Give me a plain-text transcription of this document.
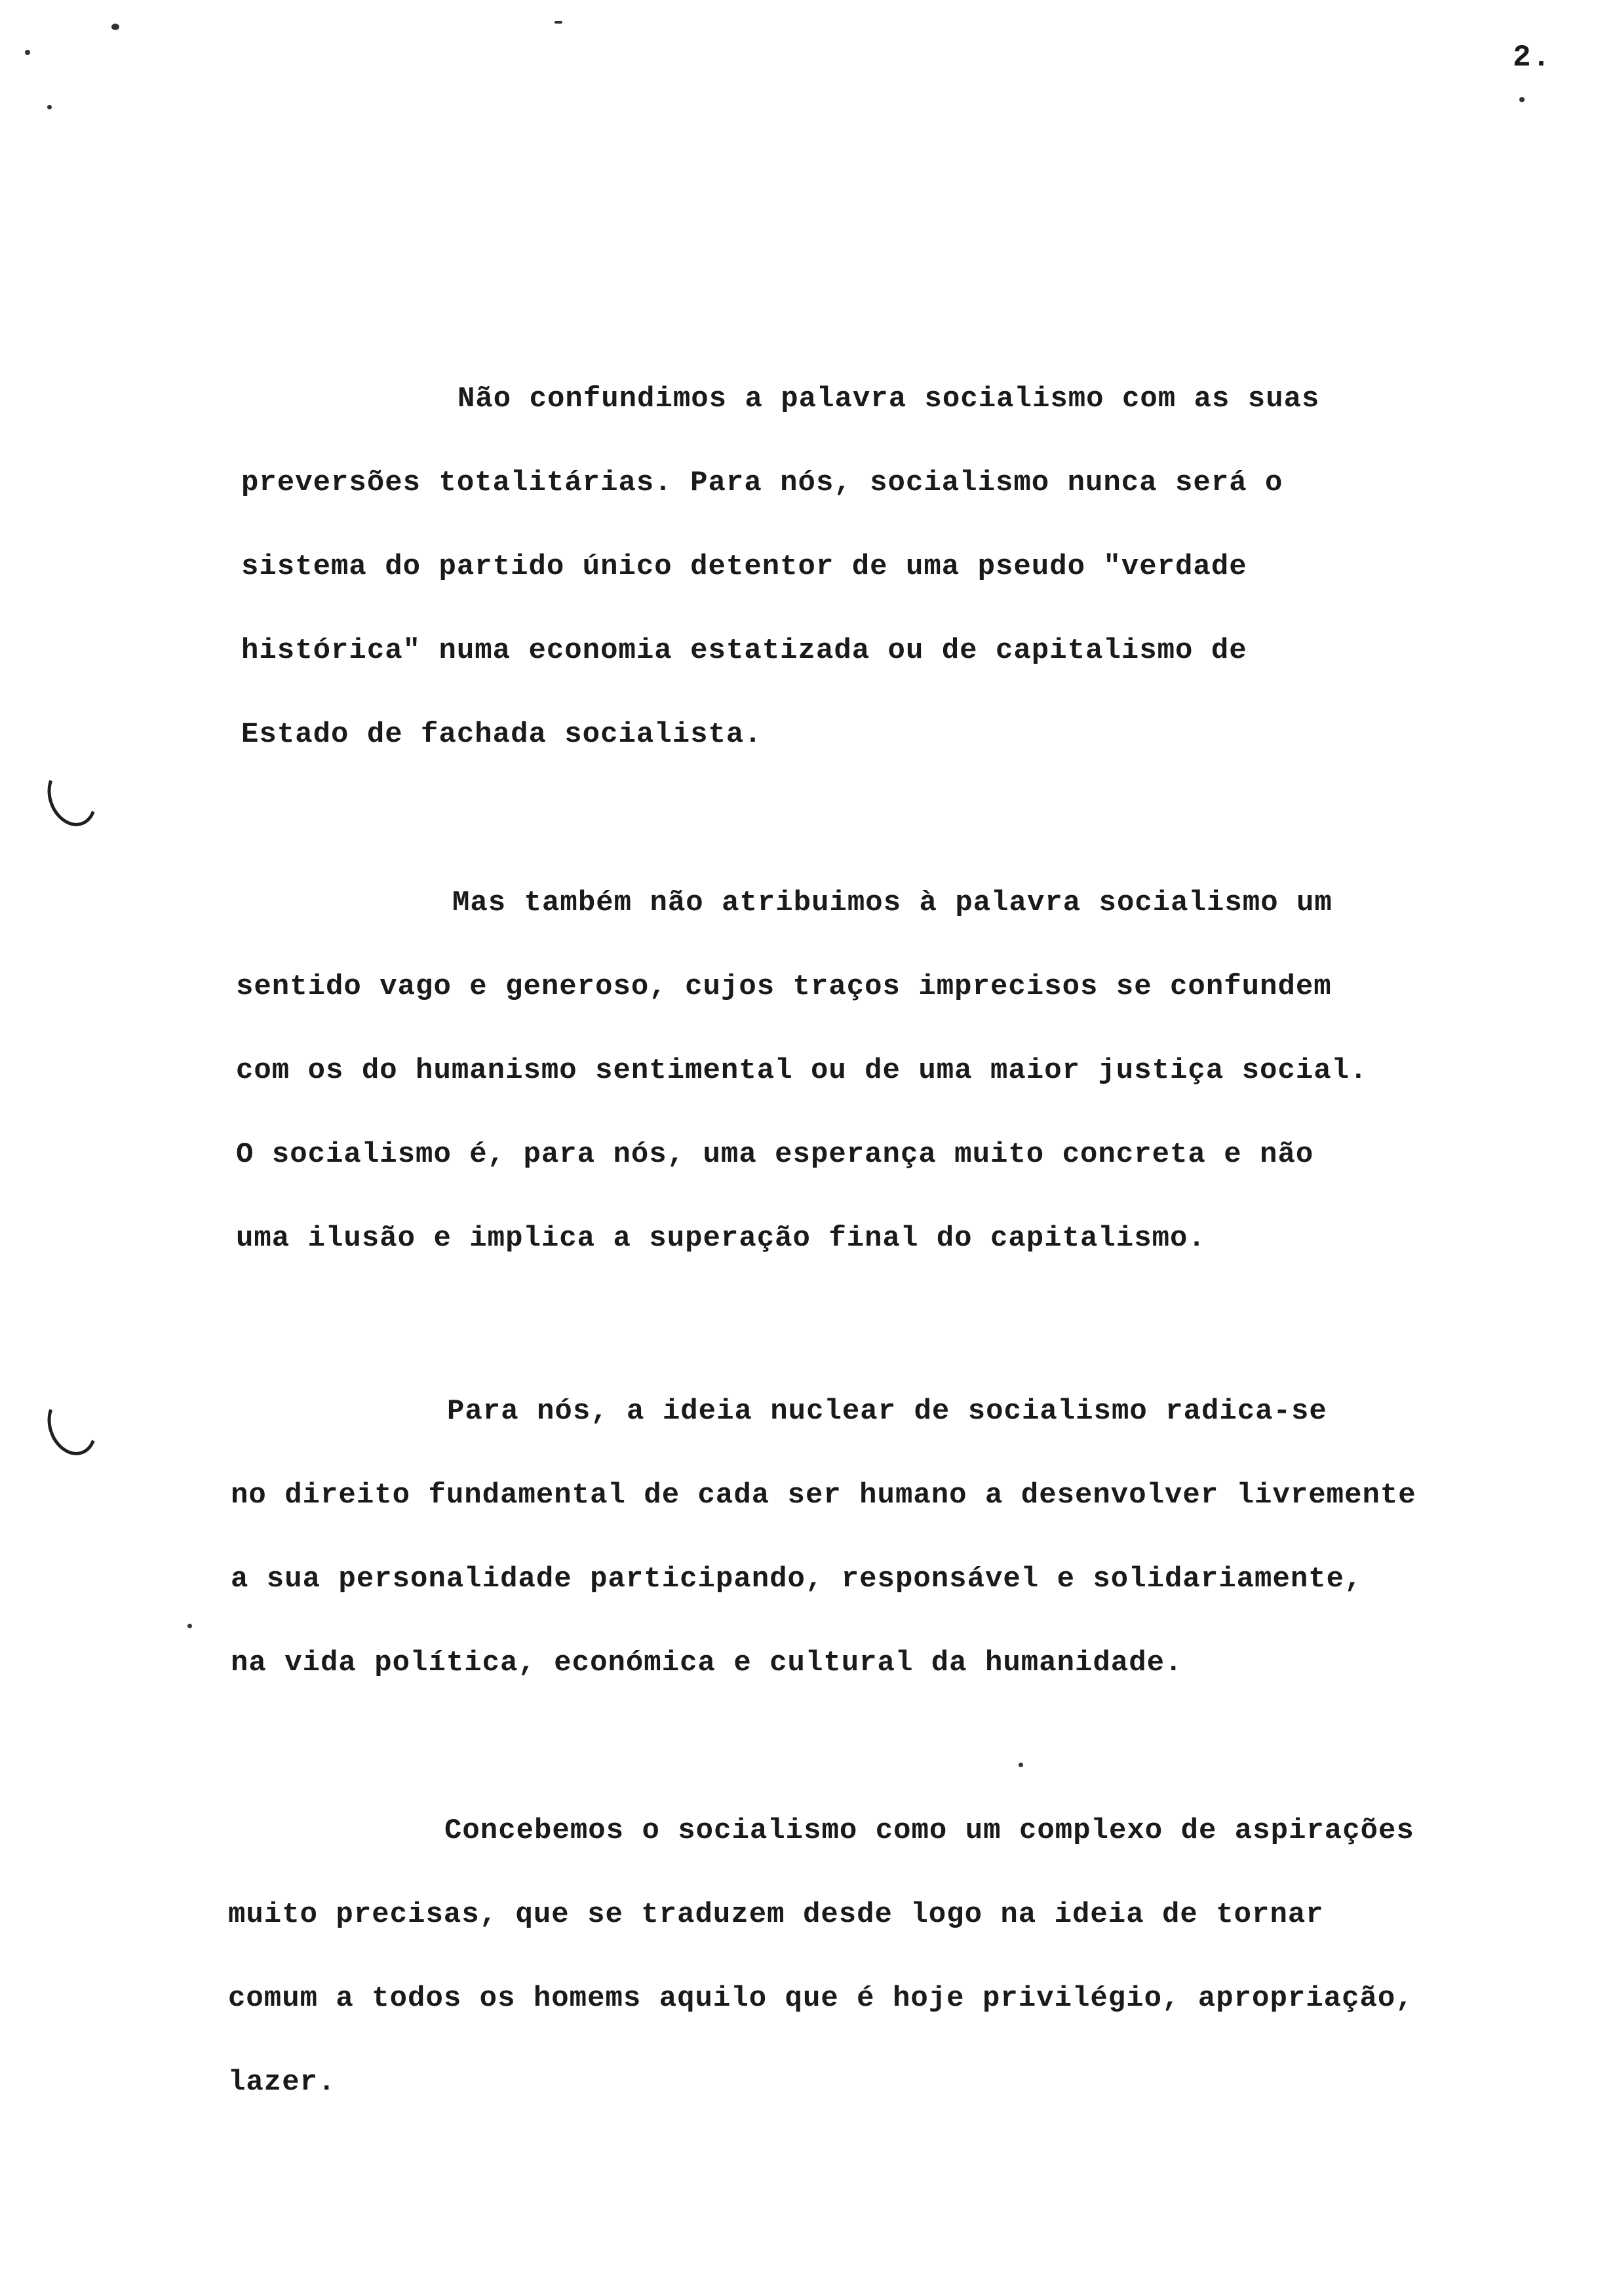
2.

Não confundimos a palavra socialismo com as suas
preversões totalitárias. Para nós, socialismo nunca será o
sistema do partido único detentor de uma pseudo "verdade
histórica" numa economia estatizada ou de capitalismo de
Estado de fachada socialista.

Mas também não atribuimos à palavra socialismo um
sentido vago e generoso, cujos traços imprecisos se confundem
com os do humanismo sentimental ou de uma maior justiça social.
O socialismo é, para nós, uma esperança muito concreta e não
uma ilusão e implica a superação final do capitalismo.

Para nós, a ideia nuclear de socialismo radica-se
no direito fundamental de cada ser humano a desenvolver livremente
a sua personalidade participando, responsável e solidariamente,
na vida política, económica e cultural da humanidade.

Concebemos o socialismo como um complexo de aspirações
muito precisas, que se traduzem desde logo na ideia de tornar
comum a todos os homems aquilo que é hoje privilégio, apropriação,
lazer.
